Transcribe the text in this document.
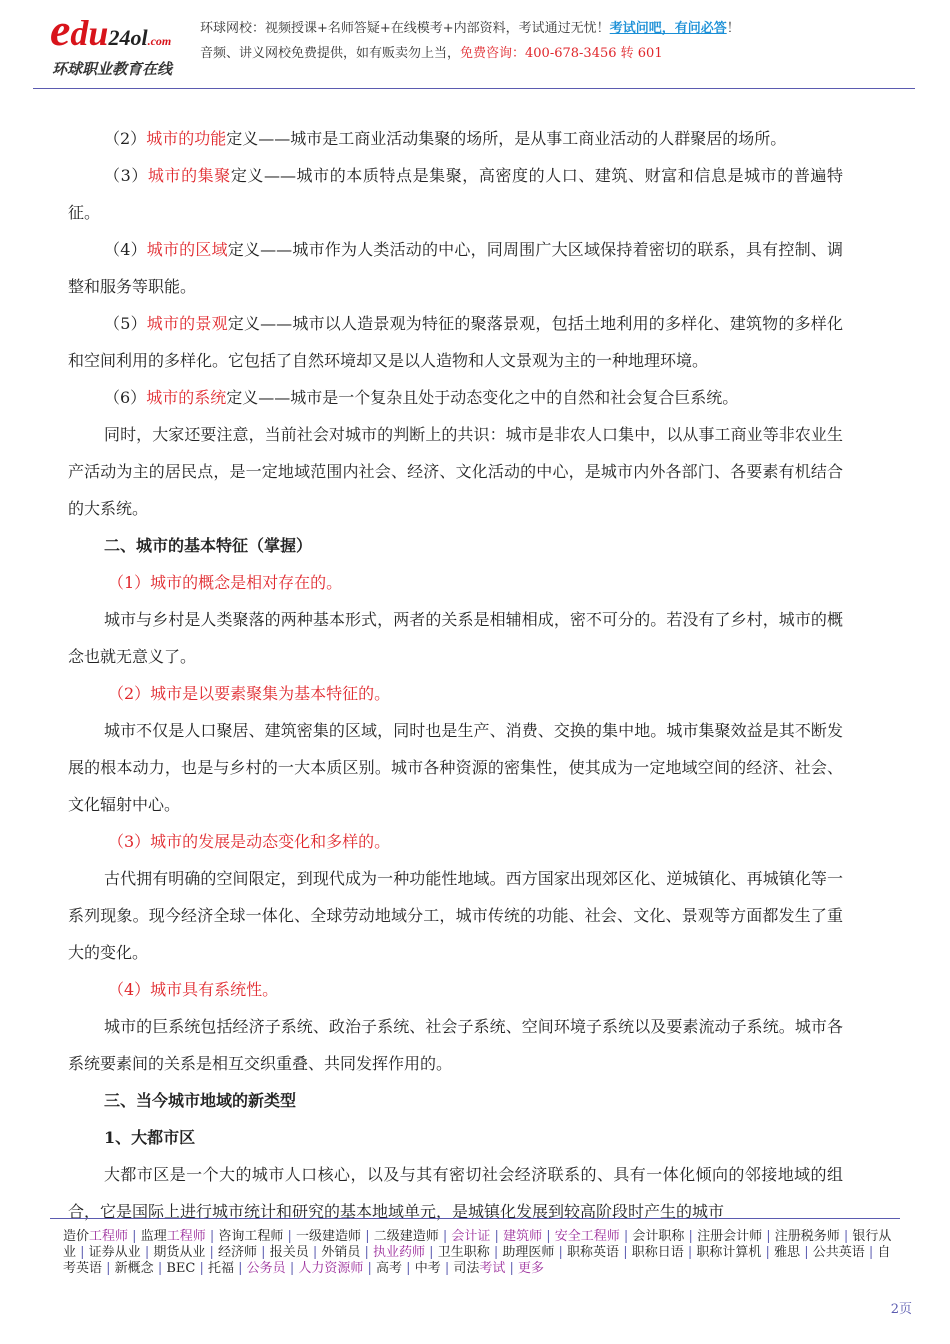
edu24ol.com
环球职业教育在线
环球网校：视频授课+名师答疑+在线模考+内部资料，考试通过无忧！考试问吧，有问必答！
音频、讲义网校免费提供，如有贩卖勿上当，免费咨询：400-678-3456 转 601

（2）城市的功能定义——城市是工商业活动集聚的场所，是从事工商业活动的人群聚居的场所。

（3）城市的集聚定义——城市的本质特点是集聚，高密度的人口、建筑、财富和信息是城市的普遍特征。

（4）城市的区域定义——城市作为人类活动的中心，同周围广大区域保持着密切的联系，具有控制、调整和服务等职能。

（5）城市的景观定义——城市以人造景观为特征的聚落景观，包括土地利用的多样化、建筑物的多样化和空间利用的多样化。它包括了自然环境却又是以人造物和人文景观为主的一种地理环境。

（6）城市的系统定义——城市是一个复杂且处于动态变化之中的自然和社会复合巨系统。

同时，大家还要注意，当前社会对城市的判断上的共识：城市是非农人口集中，以从事工商业等非农业生产活动为主的居民点，是一定地域范围内社会、经济、文化活动的中心，是城市内外各部门、各要素有机结合的大系统。

二、城市的基本特征（掌握）

（1）城市的概念是相对存在的。

城市与乡村是人类聚落的两种基本形式，两者的关系是相辅相成，密不可分的。若没有了乡村，城市的概念也就无意义了。

（2）城市是以要素聚集为基本特征的。

城市不仅是人口聚居、建筑密集的区域，同时也是生产、消费、交换的集中地。城市集聚效益是其不断发展的根本动力，也是与乡村的一大本质区别。城市各种资源的密集性，使其成为一定地域空间的经济、社会、文化辐射中心。

（3）城市的发展是动态变化和多样的。

古代拥有明确的空间限定，到现代成为一种功能性地域。西方国家出现郊区化、逆城镇化、再城镇化等一系列现象。现今经济全球一体化、全球劳动地域分工，城市传统的功能、社会、文化、景观等方面都发生了重大的变化。

（4）城市具有系统性。

城市的巨系统包括经济子系统、政治子系统、社会子系统、空间环境子系统以及要素流动子系统。城市各系统要素间的关系是相互交织重叠、共同发挥作用的。

三、当今城市地域的新类型

1、大都市区

大都市区是一个大的城市人口核心，以及与其有密切社会经济联系的、具有一体化倾向的邻接地域的组合，它是国际上进行城市统计和研究的基本地域单元，是城镇化发展到较高阶段时产生的城市

造价工程师 | 监理工程师 | 咨询工程师 | 一级建造师 | 二级建造师 | 会计证 | 建筑师 | 安全工程师 | 会计职称 | 注册会计师 | 注册税务师 | 银行从业 | 证券从业 | 期货从业 | 经济师 | 报关员 | 外销员 | 执业药师 | 卫生职称 | 助理医师 | 职称英语 | 职称日语 | 职称计算机 | 雅思 | 公共英语 | 自考英语 | 新概念 | BEC | 托福 | 公务员 | 人力资源师 | 高考 | 中考 | 司法考试 | 更多
2页
